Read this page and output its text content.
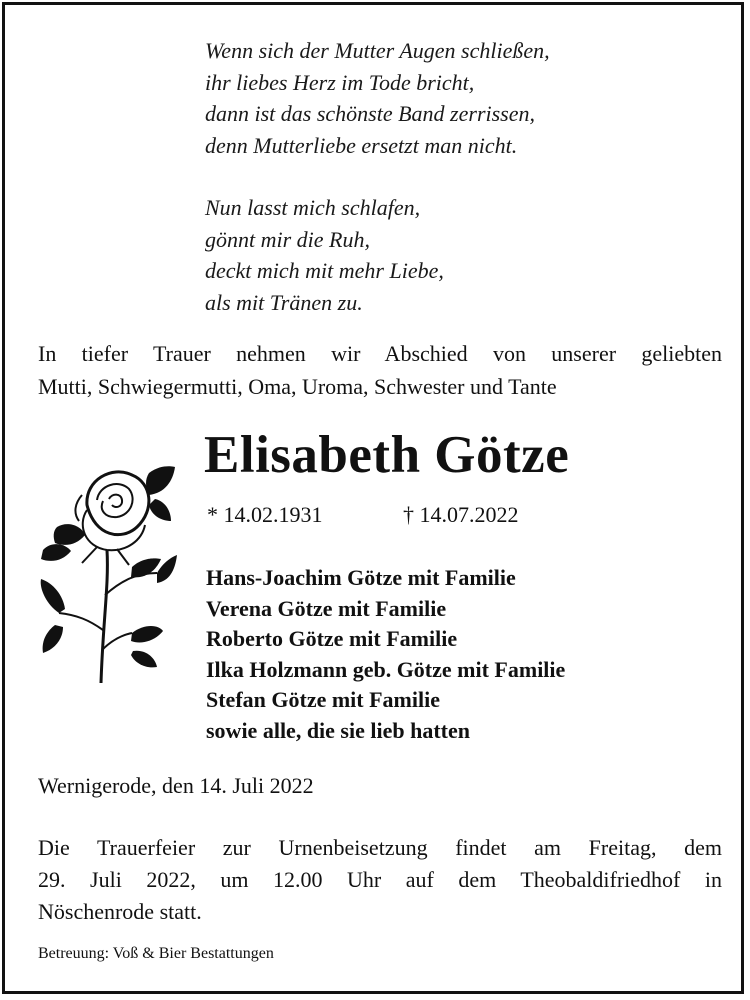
Wenn sich der Mutter Augen schließen,
ihr liebes Herz im Tode bricht,
dann ist das schönste Band zerrissen,
denn Mutterliebe ersetzt man nicht.
Nun lasst mich schlafen,
gönnt mir die Ruh,
deckt mich mit mehr Liebe,
als mit Tränen zu.
In tiefer Trauer nehmen wir Abschied von unserer geliebten
Mutti, Schwiegermutti, Oma, Uroma, Schwester und Tante
Elisabeth Götze
* 14.02.1931	† 14.07.2022
Hans-Joachim Götze mit Familie
Verena Götze mit Familie
Roberto Götze mit Familie
Ilka Holzmann geb. Götze mit Familie
Stefan Götze mit Familie
sowie alle, die sie lieb hatten
Wernigerode, den 14. Juli 2022
Die Trauerfeier zur Urnenbeisetzung findet am Freitag, dem
29. Juli 2022, um 12.00 Uhr auf dem Theobaldifriedhof in
Nöschenrode statt.
Betreuung: Voß & Bier Bestattungen
